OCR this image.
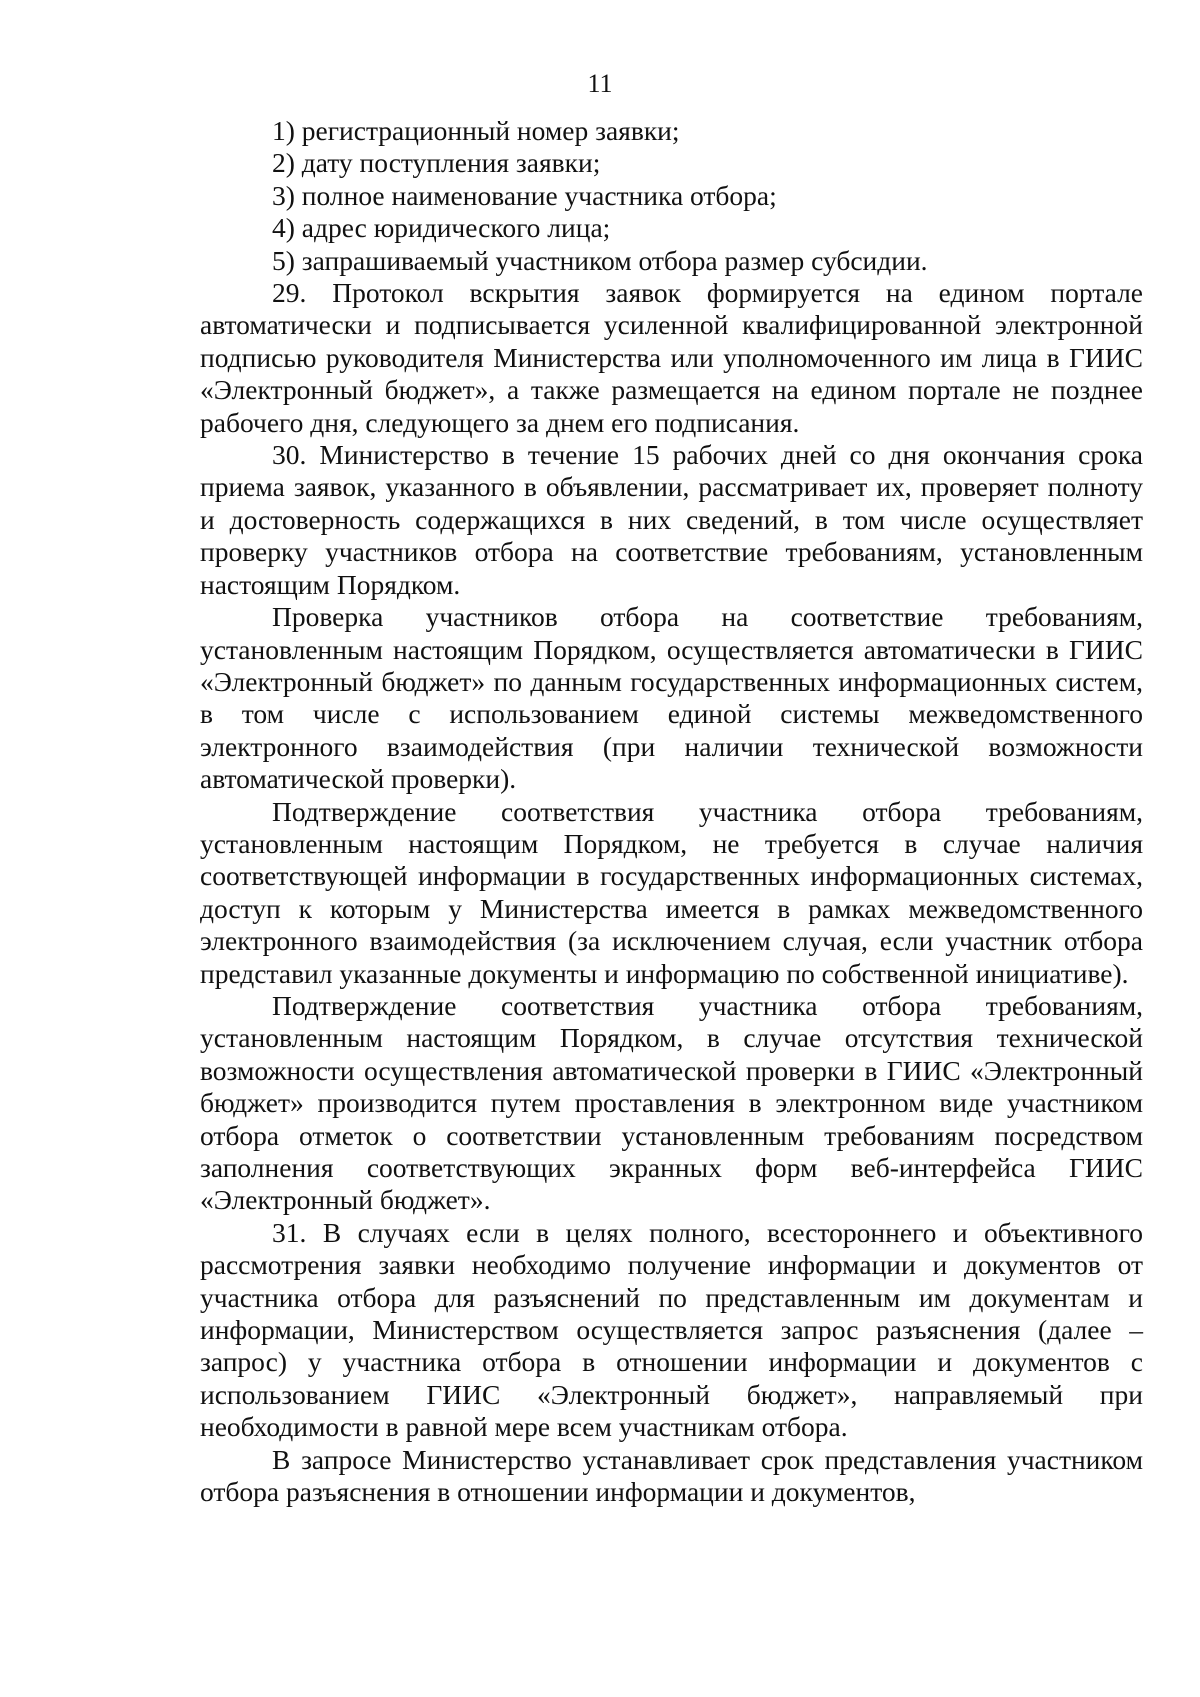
11

1) регистрационный номер заявки;

2) дату поступления заявки;

3) полное наименование участника отбора;

4) адрес юридического лица;

5) запрашиваемый участником отбора размер субсидии.

29. Протокол вскрытия заявок формируется на едином портале автоматически и подписывается усиленной квалифицированной электронной подписью руководителя Министерства или уполномоченного им лица в ГИИС «Электронный бюджет», а также размещается на едином портале не позднее рабочего дня, следующего за днем его подписания.

30. Министерство в течение 15 рабочих дней со дня окончания срока приема заявок, указанного в объявлении, рассматривает их, проверяет полноту и достоверность содержащихся в них сведений, в том числе осуществляет проверку участников отбора на соответствие требованиям, установленным настоящим Порядком.

Проверка участников отбора на соответствие требованиям, установленным настоящим Порядком, осуществляется автоматически в ГИИС «Электронный бюджет» по данным государственных информационных систем, в том числе с использованием единой системы межведомственного электронного взаимодействия (при наличии технической возможности автоматической проверки).

Подтверждение соответствия участника отбора требованиям, установленным настоящим Порядком, не требуется в случае наличия соответствующей информации в государственных информационных системах, доступ к которым у Министерства имеется в рамках межведомственного электронного взаимодействия (за исключением случая, если участник отбора представил указанные документы и информацию по собственной инициативе).

Подтверждение соответствия участника отбора требованиям, установленным настоящим Порядком, в случае отсутствия технической возможности осуществления автоматической проверки в ГИИС «Электронный бюджет» производится путем проставления в электронном виде участником отбора отметок о соответствии установленным требованиям посредством заполнения соответствующих экранных форм веб-интерфейса ГИИС «Электронный бюджет».

31. В случаях если в целях полного, всестороннего и объективного рассмотрения заявки необходимо получение информации и документов от участника отбора для разъяснений по представленным им документам и информации, Министерством осуществляется запрос разъяснения (далее – запрос) у участника отбора в отношении информации и документов с использованием ГИИС «Электронный бюджет», направляемый при необходимости в равной мере всем участникам отбора.

В запросе Министерство устанавливает срок представления участником отбора разъяснения в отношении информации и документов,
